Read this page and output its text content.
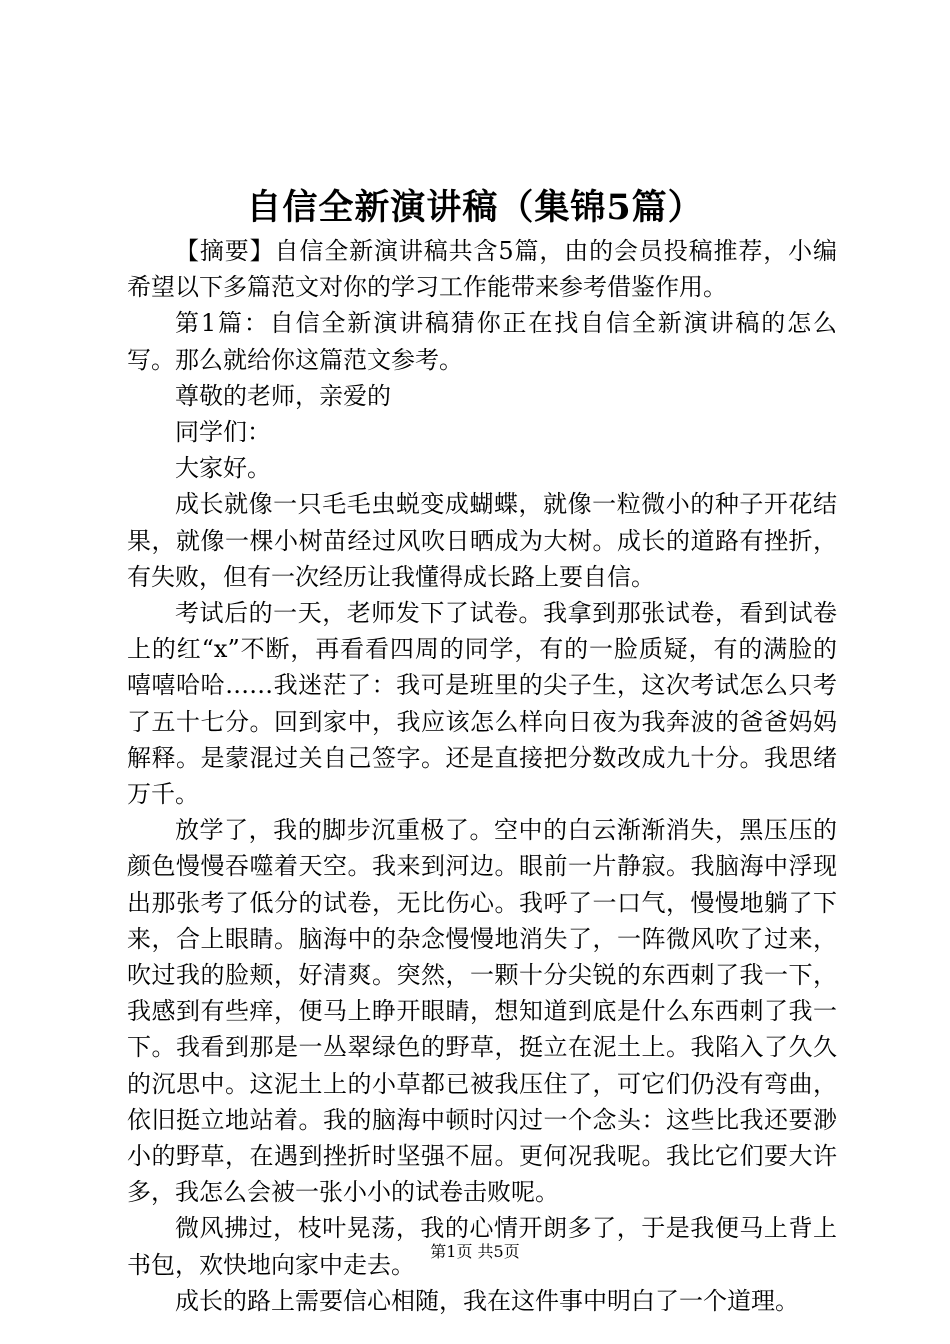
自信全新演讲稿（集锦5篇）

【摘要】自信全新演讲稿共含5篇，由的会员投稿推荐，小编希望以下多篇范文对你的学习工作能带来参考借鉴作用。

第1篇：自信全新演讲稿猜你正在找自信全新演讲稿的怎么写。那么就给你这篇范文参考。

尊敬的老师，亲爱的

同学们：

大家好。

成长就像一只毛毛虫蜕变成蝴蝶，就像一粒微小的种子开花结果，就像一棵小树苗经过风吹日晒成为大树。成长的道路有挫折，有失败，但有一次经历让我懂得成长路上要自信。

考试后的一天，老师发下了试卷。我拿到那张试卷，看到试卷上的红“x”不断，再看看四周的同学，有的一脸质疑，有的满脸的嘻嘻哈哈……我迷茫了：我可是班里的尖子生，这次考试怎么只考了五十七分。回到家中，我应该怎么样向日夜为我奔波的爸爸妈妈解释。是蒙混过关自己签字。还是直接把分数改成九十分。我思绪万千。

放学了，我的脚步沉重极了。空中的白云渐渐消失，黑压压的颜色慢慢吞噬着天空。我来到河边。眼前一片静寂。我脑海中浮现出那张考了低分的试卷，无比伤心。我呼了一口气，慢慢地躺了下来，合上眼睛。脑海中的杂念慢慢地消失了，一阵微风吹了过来，吹过我的脸颊，好清爽。突然，一颗十分尖锐的东西刺了我一下，我感到有些痒，便马上睁开眼睛，想知道到底是什么东西刺了我一下。我看到那是一丛翠绿色的野草，挺立在泥土上。我陷入了久久的沉思中。这泥土上的小草都已被我压住了，可它们仍没有弯曲，依旧挺立地站着。我的脑海中顿时闪过一个念头：这些比我还要渺小的野草，在遇到挫折时坚强不屈。更何况我呢。我比它们要大许多，我怎么会被一张小小的试卷击败呢。

微风拂过，枝叶晃荡，我的心情开朗多了，于是我便马上背上书包，欢快地向家中走去。

成长的路上需要信心相随，我在这件事中明白了一个道理。

第1页 共5页
